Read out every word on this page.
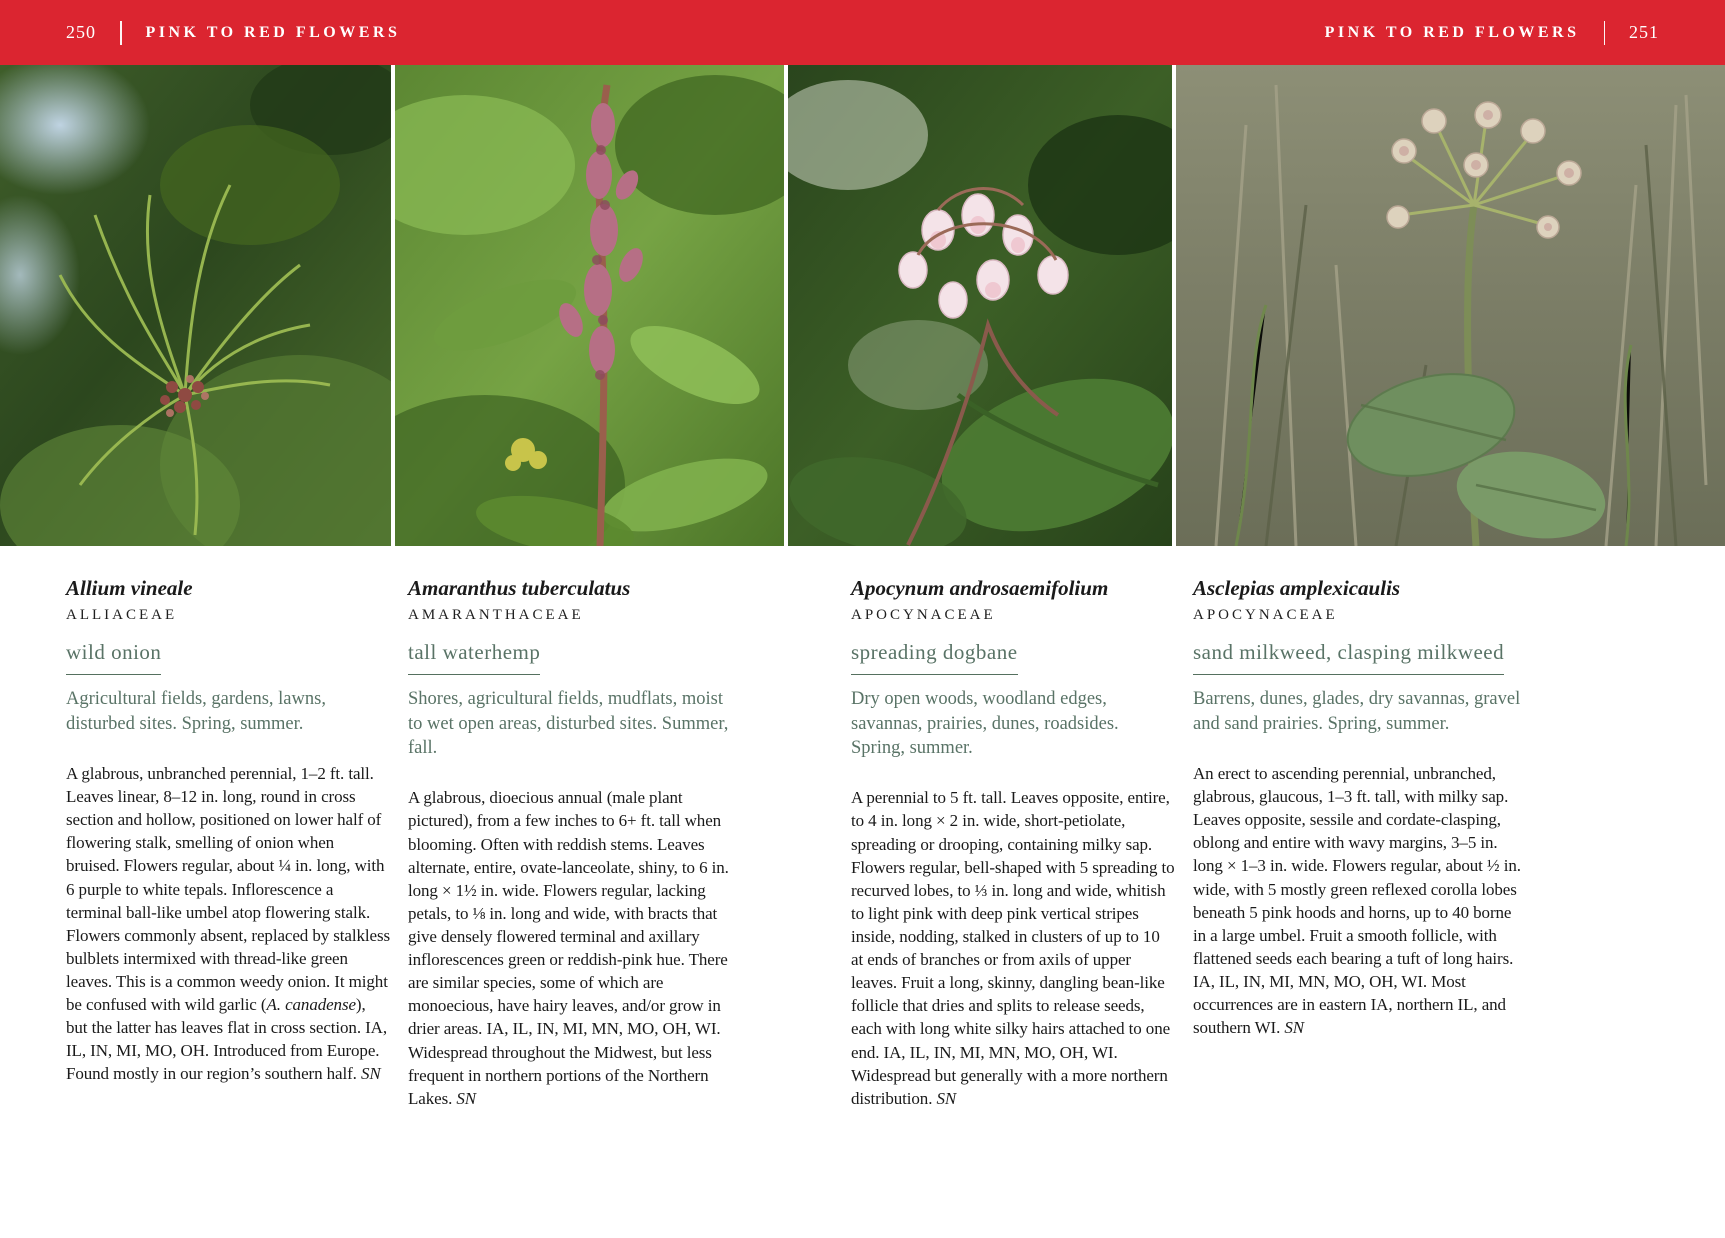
250	PINK TO RED FLOWERS	PINK TO RED FLOWERS	251

Allium vineale

ALLIACEAE

wild onion

Agricultural fields, gardens, lawns, disturbed sites. Spring, summer.

A glabrous, unbranched perennial, 1–2 ft. tall. Leaves linear, 8–12 in. long, round in cross section and hollow, positioned on lower half of flowering stalk, smelling of onion when bruised. Flowers regular, about ¼ in. long, with 6 purple to white tepals. Inflorescence a terminal ball-like umbel atop flowering stalk. Flowers commonly absent, replaced by stalkless bulblets intermixed with thread-like green leaves. This is a common weedy onion. It might be confused with wild garlic (A. canadense), but the latter has leaves flat in cross section. IA, IL, IN, MI, MO, OH. Introduced from Europe. Found mostly in our region’s southern half. SN

Amaranthus tuberculatus

AMARANTHACEAE

tall waterhemp

Shores, agricultural fields, mudflats, moist to wet open areas, disturbed sites. Summer, fall.

A glabrous, dioecious annual (male plant pictured), from a few inches to 6+ ft. tall when blooming. Often with reddish stems. Leaves alternate, entire, ovate-lanceolate, shiny, to 6 in. long × 1½ in. wide. Flowers regular, lacking petals, to ⅛ in. long and wide, with bracts that give densely flowered terminal and axillary inflorescences green or reddish-pink hue. There are similar species, some of which are monoecious, have hairy leaves, and/or grow in drier areas. IA, IL, IN, MI, MN, MO, OH, WI. Widespread throughout the Midwest, but less frequent in northern portions of the Northern Lakes. SN

Apocynum androsaemifolium

APOCYNACEAE

spreading dogbane

Dry open woods, woodland edges, savannas, prairies, dunes, roadsides. Spring, summer.

A perennial to 5 ft. tall. Leaves opposite, entire, to 4 in. long × 2 in. wide, short-petiolate, spreading or drooping, containing milky sap. Flowers regular, bell-shaped with 5 spreading to recurved lobes, to ⅓ in. long and wide, whitish to light pink with deep pink vertical stripes inside, nodding, stalked in clusters of up to 10 at ends of branches or from axils of upper leaves. Fruit a long, skinny, dangling bean-like follicle that dries and splits to release seeds, each with long white silky hairs attached to one end. IA, IL, IN, MI, MN, MO, OH, WI. Widespread but generally with a more northern distribution. SN

Asclepias amplexicaulis

APOCYNACEAE

sand milkweed, clasping milkweed

Barrens, dunes, glades, dry savannas, gravel and sand prairies. Spring, summer.

An erect to ascending perennial, unbranched, glabrous, glaucous, 1–3 ft. tall, with milky sap. Leaves opposite, sessile and cordate-clasping, oblong and entire with wavy margins, 3–5 in. long × 1–3 in. wide. Flowers regular, about ½ in. wide, with 5 mostly green reflexed corolla lobes beneath 5 pink hoods and horns, up to 40 borne in a large umbel. Fruit a smooth follicle, with flattened seeds each bearing a tuft of long hairs. IA, IL, IN, MI, MN, MO, OH, WI. Most occurrences are in eastern IA, northern IL, and southern WI. SN
